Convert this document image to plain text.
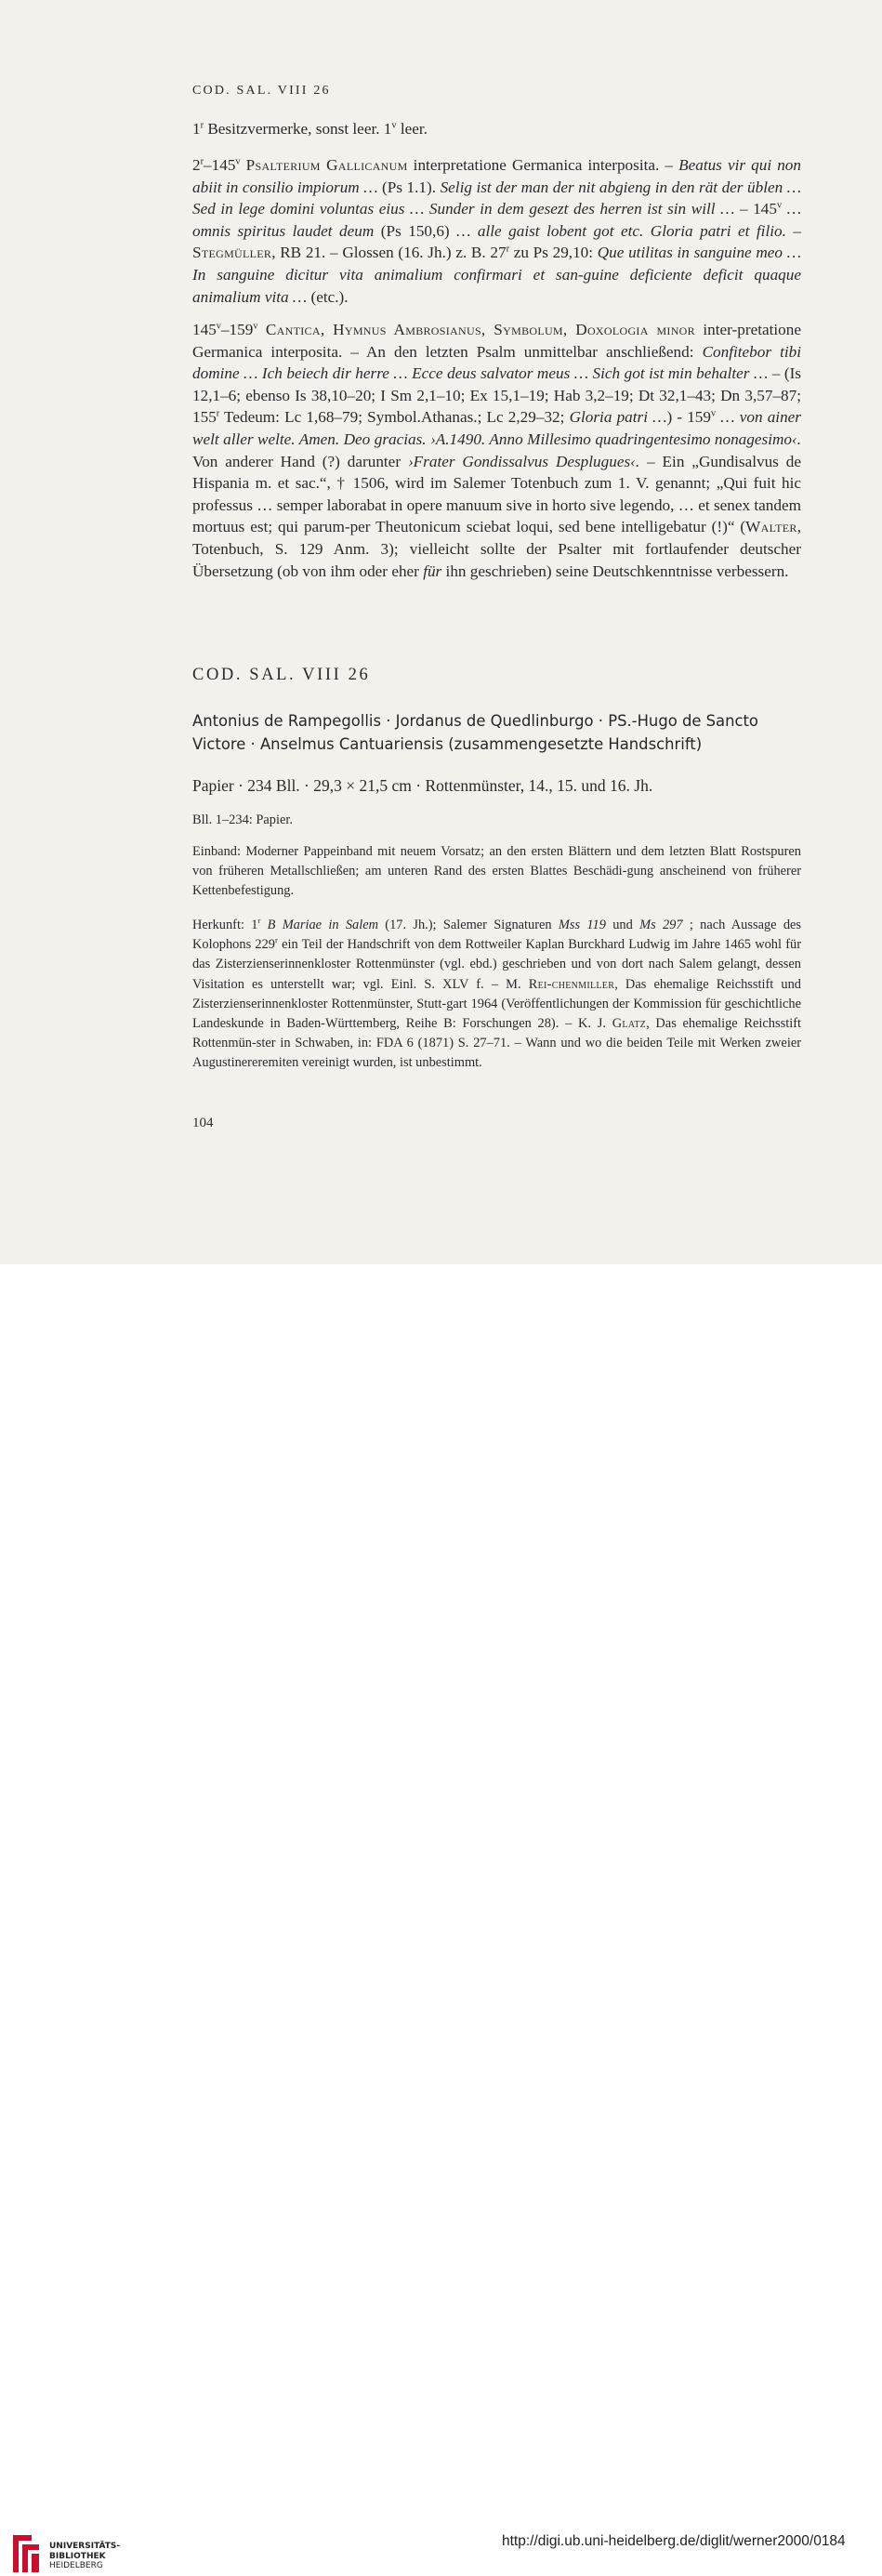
COD. SAL. VIII 26

1$^r$ Besitzvermerke, sonst leer. 1$^v$ leer.

2$^r$–145$^v$ Psalterium Gallicanum interpretatione Germanica interposita. – Beatus vir qui non abiit in consilio impiorum … (Ps 1.1). Selig ist der man der nit abgieng in den rät der üblen … Sed in lege domini voluntas eius … Sunder in dem gesezt des herren ist sin will … – 145$^v$ … omnis spiritus laudet deum (Ps 150,6) … alle gaist lobent got etc. Gloria patri et filio. – Stegmüller, RB 21. – Glossen (16. Jh.) z. B. 27$^r$ zu Ps 29,10: Que utilitas in sanguine meo … In sanguine dicitur vita animalium confirmari et san-guine deficiente deficit quaque animalium vita … (etc.).

145$^v$–159$^v$ Cantica, Hymnus Ambrosianus, Symbolum, Doxologia minor inter-pretatione Germanica interposita. – An den letzten Psalm unmittelbar anschließend: Confitebor tibi domine … Ich beiech dir herre … Ecce deus salvator meus … Sich got ist min behalter … – (Is 12,1–6; ebenso Is 38,10–20; I Sm 2,1–10; Ex 15,1–19; Hab 3,2–19; Dt 32,1–43; Dn 3,57–87; 155$^r$ Tedeum: Lc 1,68–79; Symbol.Athanas.; Lc 2,29–32; Gloria patri …) - 159$^v$ … von ainer welt aller welte. Amen. Deo gracias. ›A.1490. Anno Millesimo quadringentesimo nonagesimo‹. Von anderer Hand (?) darunter ›Frater Gondissalvus Desplugues‹. – Ein „Gundisalvus de Hispania m. et sac.“, † 1506, wird im Salemer Totenbuch zum 1. V. genannt; „Qui fuit hic professus … semper laborabat in opere manuum sive in horto sive legendo, … et senex tandem mortuus est; qui parum-per Theutonicum sciebat loqui, sed bene intelligebatur (!)“ (Walter, Totenbuch, S. 129 Anm. 3); vielleicht sollte der Psalter mit fortlaufender deutscher Übersetzung (ob von ihm oder eher für ihn geschrieben) seine Deutschkenntnisse verbessern.

COD. SAL. VIII 26

Antonius de Rampegollis · Jordanus de Quedlinburgo · PS.-Hugo de Sancto Victore · Anselmus Cantuariensis (zusammengesetzte Handschrift)

Papier · 234 Bll. · 29,3 × 21,5 cm · Rottenmünster, 14., 15. und 16. Jh.

Bll. 1–234: Papier.

Einband: Moderner Pappeinband mit neuem Vorsatz; an den ersten Blättern und dem letzten Blatt Rostspuren von früheren Metallschließen; am unteren Rand des ersten Blattes Beschädi-gung anscheinend von früherer Kettenbefestigung.

Herkunft: 1$^r$ B Mariae in Salem (17. Jh.); Salemer Signaturen Mss 119 und Ms 297 ; nach Aussage des Kolophons 229$^r$ ein Teil der Handschrift von dem Rottweiler Kaplan Burckhard Ludwig im Jahre 1465 wohl für das Zisterzienserinnenkloster Rottenmünster (vgl. ebd.) geschrieben und von dort nach Salem gelangt, dessen Visitation es unterstellt war; vgl. Einl. S. XLV f. – M. Rei-chenmiller, Das ehemalige Reichsstift und Zisterzienserinnenkloster Rottenmünster, Stutt-gart 1964 (Veröffentlichungen der Kommission für geschichtliche Landeskunde in Baden-Württemberg, Reihe B: Forschungen 28). – K. J. Glatz, Das ehemalige Reichsstift Rottenmün-ster in Schwaben, in: FDA 6 (1871) S. 27–71. – Wann und wo die beiden Teile mit Werken zweier Augustinereremiten vereinigt wurden, ist unbestimmt.

104

UNIVERSITÄTS-
BIBLIOTHEK
HEIDELBERG

http://digi.ub.uni-heidelberg.de/diglit/werner2000/0184
